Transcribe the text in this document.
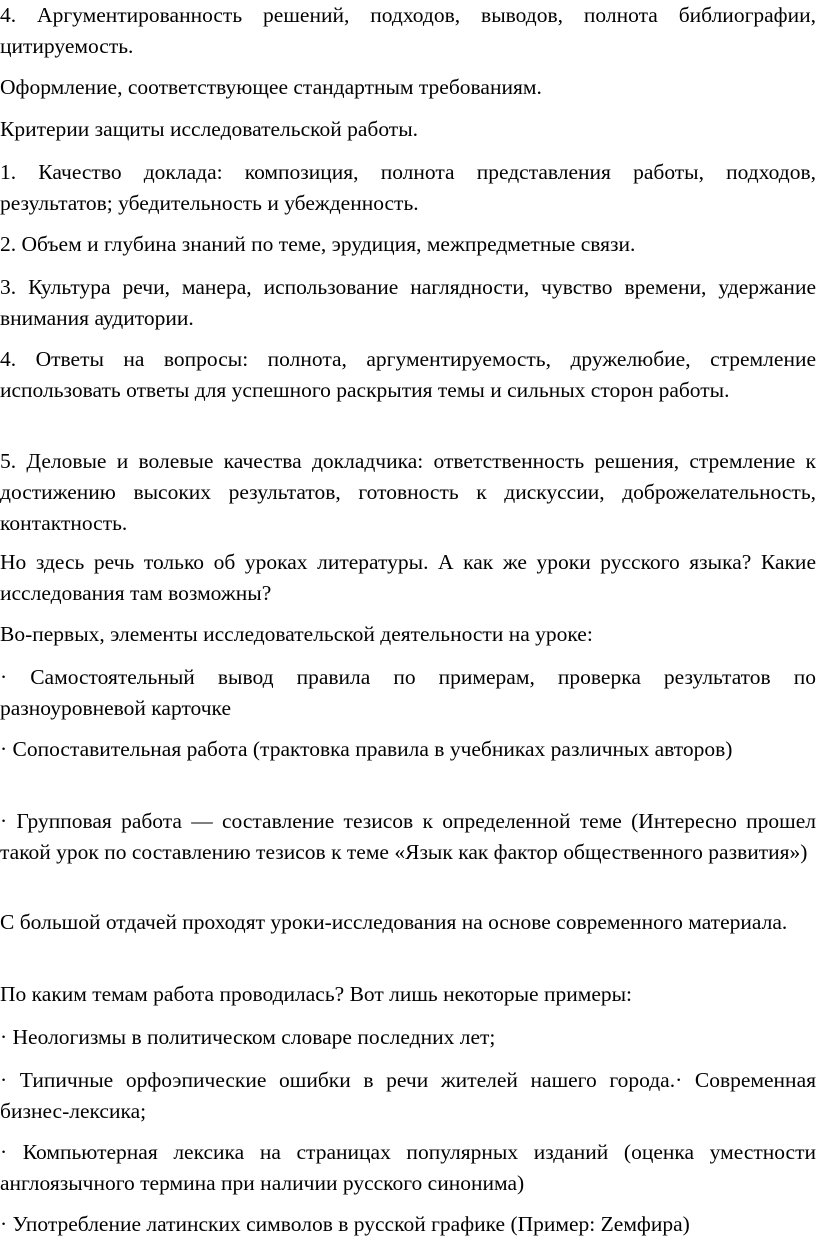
4. Аргументированность решений, подходов, выводов, полнота библиографии, цитируемость.

Оформление, соответствующее стандартным требованиям.

Критерии защиты исследовательской работы.

1. Качество доклада: композиция, полнота представления работы, подходов, результатов; убедительность и убежденность.

2. Объем и глубина знаний по теме, эрудиция, межпредметные связи.

3. Культура речи, манера, использование наглядности, чувство времени, удержание внимания аудитории.

4. Ответы на вопросы: полнота, аргументируемость, дружелюбие, стремление использовать ответы для успешного раскрытия темы и сильных сторон работы.

5. Деловые и волевые качества докладчика: ответственность решения, стремление к достижению высоких результатов, готовность к дискуссии, доброжелательность, контактность.

Но здесь речь только об уроках литературы. А как же уроки русского языка? Какие исследования там возможны?

Во-первых, элементы исследовательской деятельности на уроке:

· Самостоятельный вывод правила по примерам, проверка результатов по разноуровневой карточке

· Сопоставительная работа (трактовка правила в учебниках различных авторов)

· Групповая работа — составление тезисов к определенной теме (Интересно прошел такой урок по составлению тезисов к теме «Язык как фактор общественного развития»)

С большой отдачей проходят уроки-исследования на основе современного материала.

По каким темам работа проводилась? Вот лишь некоторые примеры:

· Неологизмы в политическом словаре последних лет;

· Типичные орфоэпические ошибки в речи жителей нашего города.· Современная бизнес-лексика;

· Компьютерная лексика на страницах популярных изданий (оценка уместности англоязычного термина при наличии русского синонима)

· Употребление латинских символов в русской графике (Пример: Zемфира)
